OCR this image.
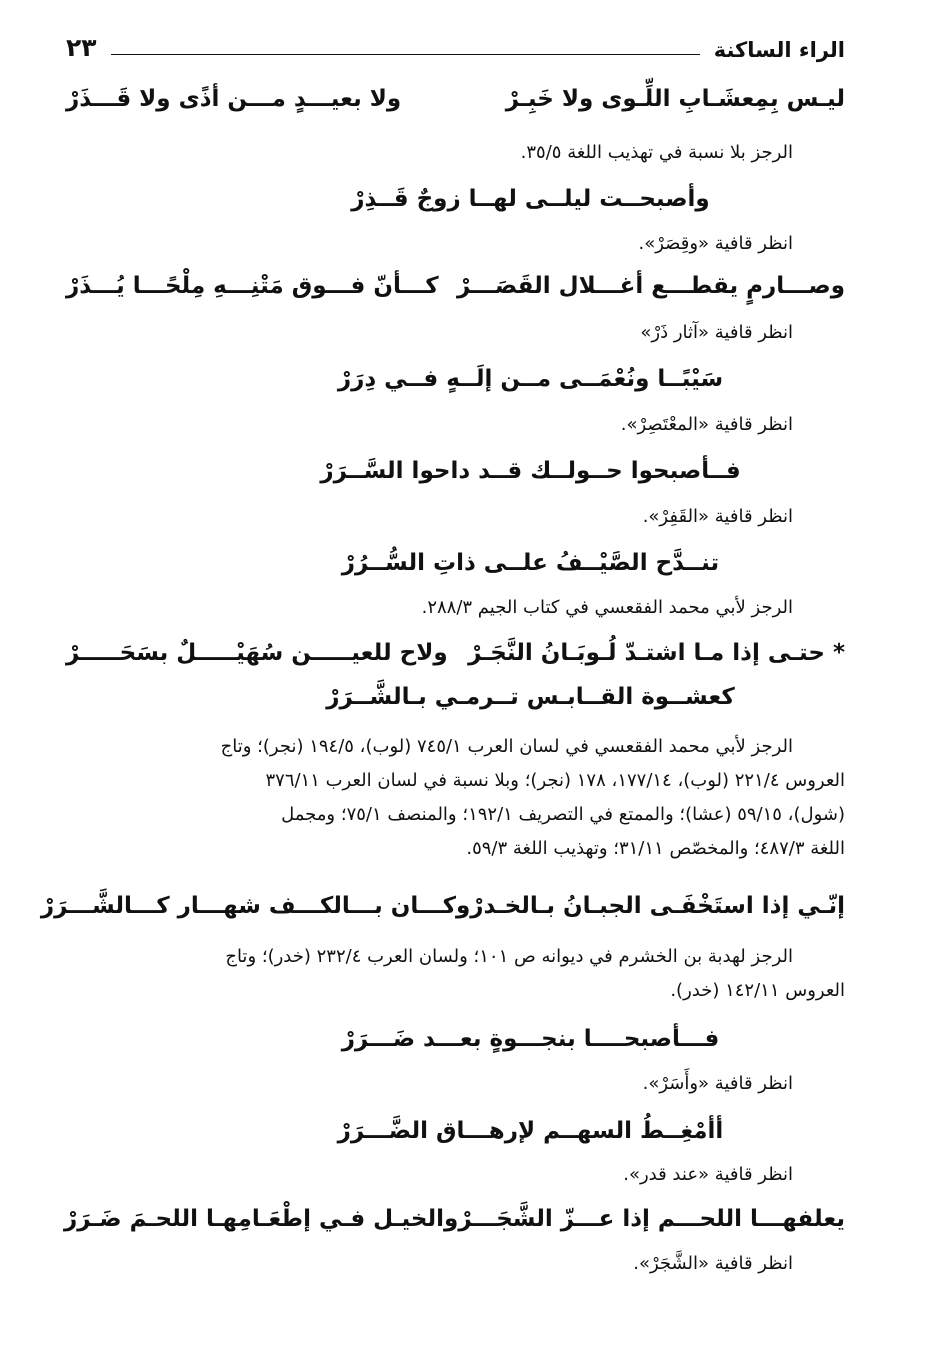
الراء الساكنة
٢٣
ليـس بِمِعشَـابِ اللِّـوى ولا خَبِـرْ
ولا بعيـــدٍ مـــن أذًى ولا قَـــذَرْ
الرجز بلا نسبة في تهذيب اللغة ٣٥/٥.
وأصبحــت ليلــى لهــا زوجٌ قَــذِرْ
انظر قافية «وقِصَرْ».
وصـــارمٍ يقطـــع أغـــلال القَصَـــرْ
كـــأنّ فـــوق مَتْنِـــهِ مِلْحًـــا يُـــذَرْ
انظر قافية «آثار ذَرْ»
سَيْبًــا ونُعْمَــى مــن إلَــهٍ فــي دِرَرْ
انظر قافية «المعْتَصِرْ».
فــأصبحوا حــولــك قــد داحوا السَّــرَرْ
انظر قافية «القَفِرْ».
تنــدَّح الصَّيْــفُ علــى ذاتِ السُّــرُرْ
الرجز لأبي محمد الفقعسي في كتاب الجيم ٢٨٨/٣.
* حتـى إذا مـا اشتـدّ لُـوبَـانُ النَّجَـرْ
ولاح للعيـــــن سُهَيْـــــلٌ بسَحَـــــرْ
كعشــوة القــابـس تــرمـي بـالشَّــرَرْ
الرجز لأبي محمد الفقعسي في لسان العرب ٧٤٥/١ (لوب)، ١٩٤/٥ (نجر)؛ وتاج
العروس ٢٢١/٤ (لوب)، ١٧٧/١٤، ١٧٨ (نجر)؛ وبلا نسبة في لسان العرب ٣٧٦/١١
(شول)، ٥٩/١٥ (عشا)؛ والممتع في التصريف ١٩٢/١؛ والمنصف ٧٥/١؛ ومجمل
اللغة ٤٨٧/٣؛ والمخصّص ٣١/١١؛ وتهذيب اللغة ٥٩/٣.
إنّـي إذا استَخْفَـى الجبـانُ بـالخـدرْ
وكـــان بـــالكـــف شهـــار كـــالشَّـــرَرْ
الرجز لهدبة بن الخشرم في ديوانه ص ١٠١؛ ولسان العرب ٢٣٢/٤ (خدر)؛ وتاج
العروس ١٤٢/١١ (خدر).
فـــأصبحــــا بنجـــوةٍ بعـــد ضَـــرَرْ
انظر قافية «وأَسَرْ».
أأمْغِــطُ السهــم لإرهـــاق الضَّـــرَرْ
انظر قافية «عند قدر».
يعلفهـــا اللحـــم إذا عـــزّ الشَّجَـــرْ
والخيـل فـي إطْعَـامِهـا اللحـمَ ضَـرَرْ
انظر قافية «الشَّجَرْ».
